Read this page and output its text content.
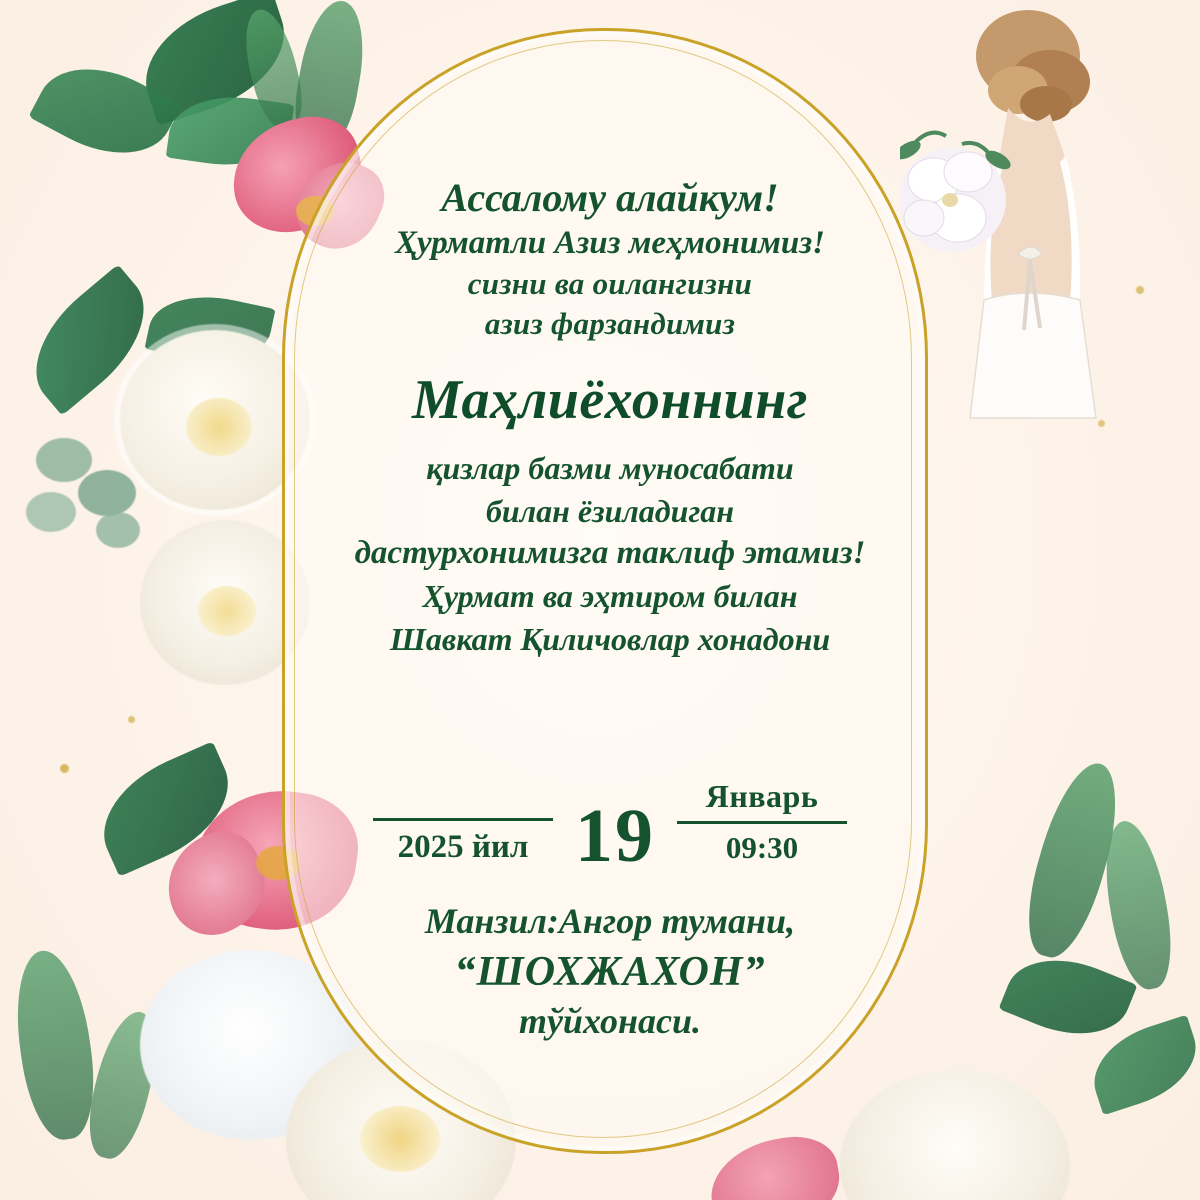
Ассалому алайкум!
Ҳурматли Азиз меҳмонимиз!
сизни ва оилангизни
азиз фарзандимиз
Маҳлиёхоннинг
қизлар базми муносабати
билан ёзиладиган
дастурхонимизга таклиф этамиз!
Ҳурмат ва эҳтиром билан
Шавкат Қиличовлар хонадони
2025 йил 19 Январь
09:30
Манзил:Ангор тумани,
“ШОХЖАХОН”
тўйхонаси.
